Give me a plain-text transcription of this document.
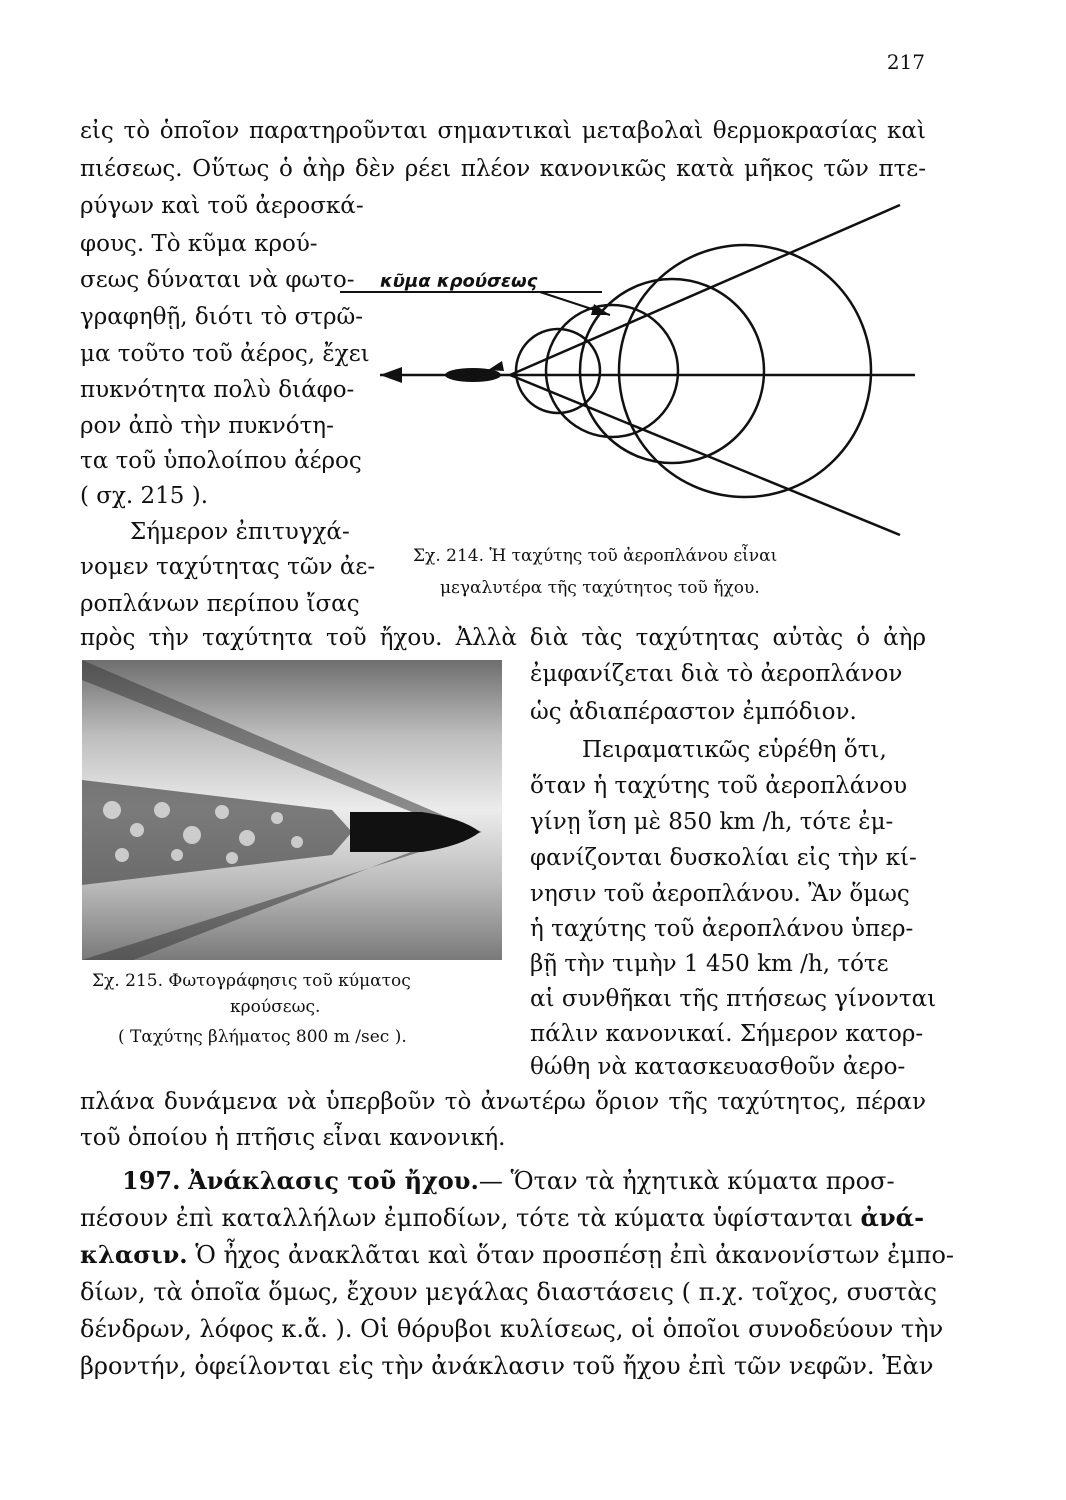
217
εἰς τὸ ὁποῖον παρατηροῦνται σημαντικαὶ μεταβολαὶ θερμοκρασίας καὶ
πιέσεως. Οὕτως ὁ ἀὴρ δὲν ρέει πλέον κανονικῶς κατὰ μῆκος τῶν πτε-
ρύγων καὶ τοῦ ἀεροσκά-
φους. Τὸ κῦμα κρού-
σεως δύναται νὰ φωτο-
γραφηθῇ, διότι τὸ στρῶ-
μα τοῦτο τοῦ ἀέρος, ἔχει
πυκνότητα πολὺ διάφο-
ρον ἀπὸ τὴν πυκνότη-
τα τοῦ ὑπολοίπου ἀέρος
( σχ. 215 ).
Σήμερον ἐπιτυγχά-
νομεν ταχύτητας τῶν ἀε-
ροπλάνων περίπου ἴσας
κῦμα κρούσεως
Σχ. 214. Ἡ ταχύτης τοῦ ἀεροπλάνου εἶναι
μεγαλυτέρα τῆς ταχύτητος τοῦ ἤχου.
πρὸς τὴν ταχύτητα τοῦ ἤχου. Ἀλλὰ διὰ τὰς ταχύτητας αὐτὰς ὁ ἀὴρ
Σχ. 215. Φωτογράφησις τοῦ κύματος
κρούσεως.
( Ταχύτης βλήματος 800 m /sec ).
ἐμφανίζεται διὰ τὸ ἀεροπλάνον
ὡς ἀδιαπέραστον ἐμπόδιον.
Πειραματικῶς εὑρέθη ὅτι,
ὅταν ἡ ταχύτης τοῦ ἀεροπλάνου
γίνῃ ἴση μὲ 850 km /h, τότε ἐμ-
φανίζονται δυσκολίαι εἰς τὴν κί-
νησιν τοῦ ἀεροπλάνου. Ἂν ὅμως
ἡ ταχύτης τοῦ ἀεροπλάνου ὑπερ-
βῇ τὴν τιμὴν 1 450 km /h, τότε
αἱ συνθῆκαι τῆς πτήσεως γίνονται
πάλιν κανονικαί. Σήμερον κατορ-
θώθη νὰ κατασκευασθοῦν ἀερο-
πλάνα δυνάμενα νὰ ὑπερβοῦν τὸ ἀνωτέρω ὅριον τῆς ταχύτητος, πέραν
τοῦ ὁποίου ἡ πτῆσις εἶναι κανονική.
197. Ἀνάκλασις τοῦ ἤχου.— Ὅταν τὰ ἠχητικὰ κύματα προσ-
πέσουν ἐπὶ καταλλήλων ἐμποδίων, τότε τὰ κύματα ὑφίστανται ἀνά-
κλασιν. Ὁ ἦχος ἀνακλᾶται καὶ ὅταν προσπέσῃ ἐπὶ ἀκανονίστων ἐμπο-
δίων, τὰ ὁποῖα ὅμως, ἔχουν μεγάλας διαστάσεις ( π.χ. τοῖχος, συστὰς
δένδρων, λόφος κ.ἄ. ). Οἱ θόρυβοι κυλίσεως, οἱ ὁποῖοι συνοδεύουν τὴν
βροντήν, ὀφείλονται εἰς τὴν ἀνάκλασιν τοῦ ἤχου ἐπὶ τῶν νεφῶν. Ἐὰν
